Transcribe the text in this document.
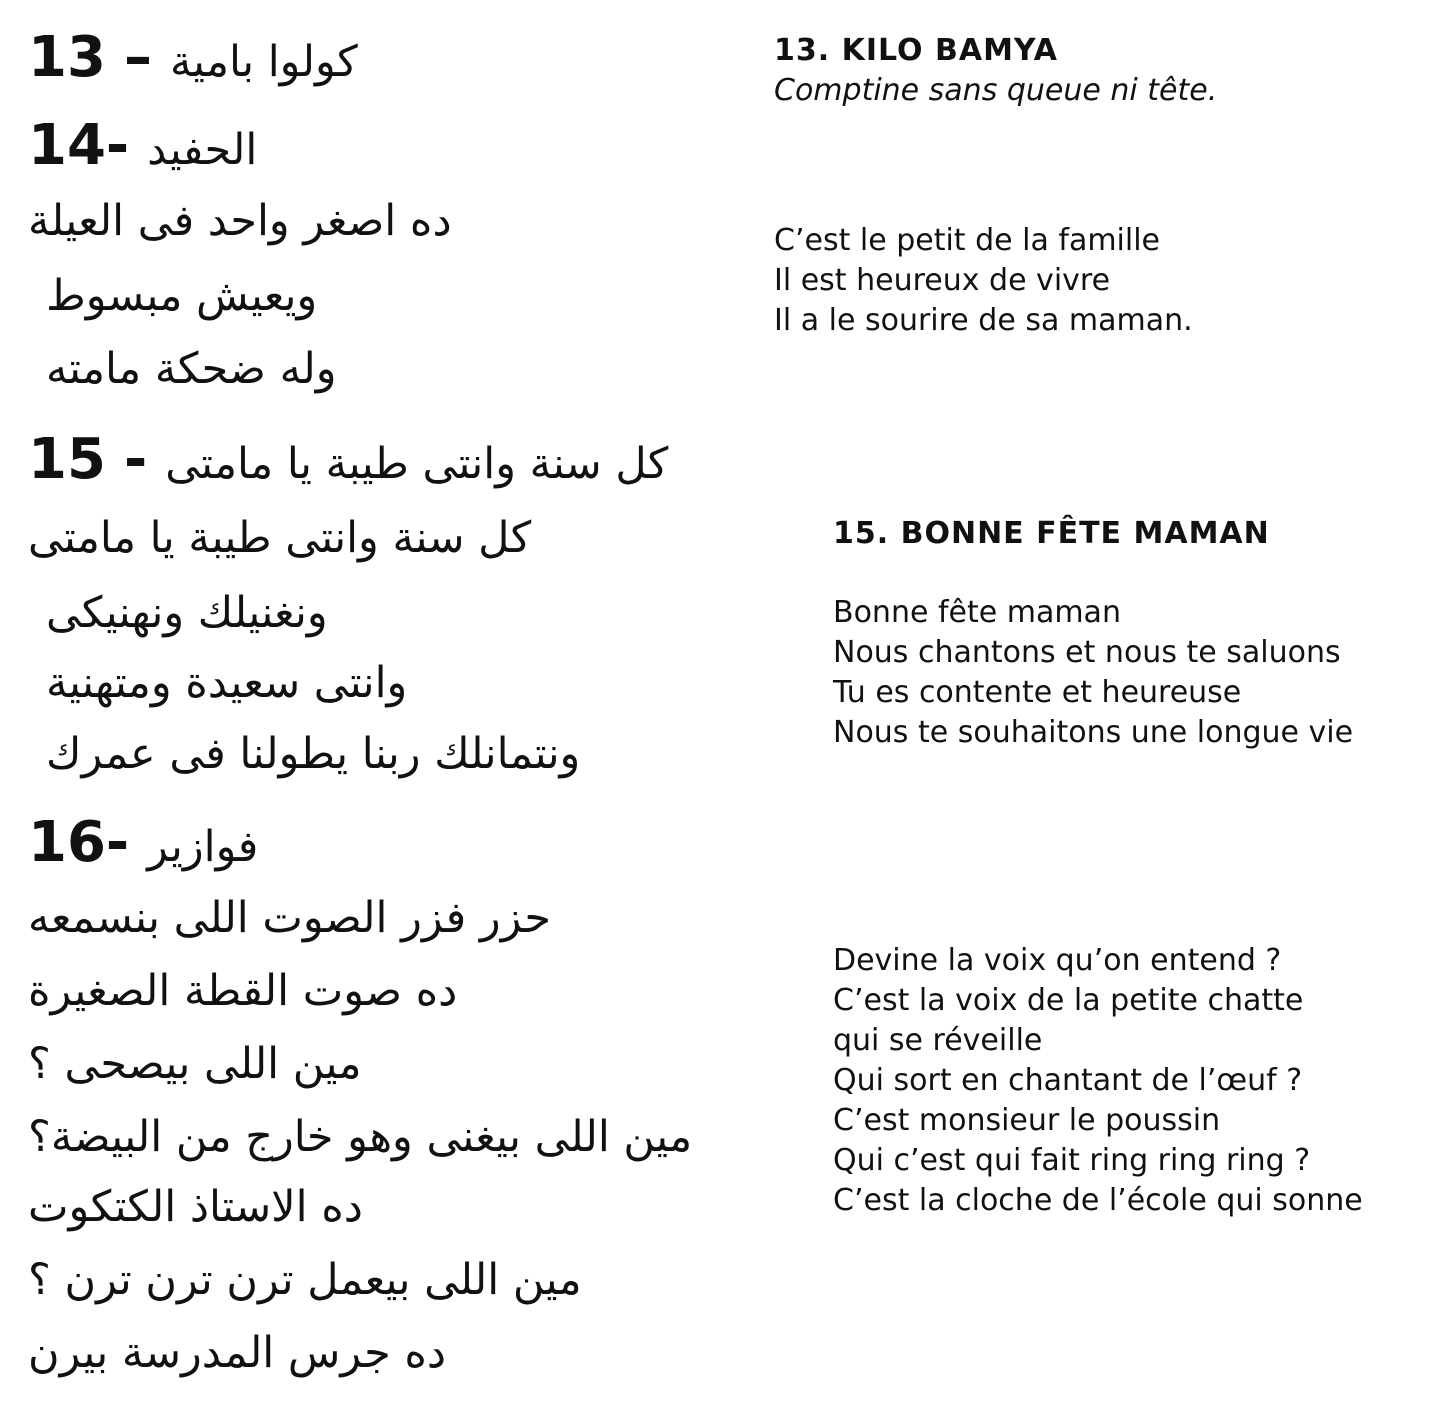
13 – كولوا بامية
14- الحفيد
ده اصغر واحد فى العيلة
ويعيش مبسوط
وله ضحكة مامته
15 - كل سنة وانتى طيبة يا مامتى
كل سنة وانتى طيبة يا مامتى
ونغنيلك ونهنيكى
وانتى سعيدة ومتهنية
ونتمانلك ربنا يطولنا فى عمرك
16- فوازير
حزر فزر الصوت اللى بنسمعه
ده صوت القطة الصغيرة
مين اللى بيصحى ؟
مين اللى بيغنى وهو خارج من البيضة؟
ده الاستاذ الكتكوت
مين اللى بيعمل ترن ترن ترن ؟
ده جرس المدرسة بيرن
13. KILO BAMYA
Comptine sans queue ni tête.
C’est le petit de la famille
Il est heureux de vivre
Il a le sourire de sa maman.
15. BONNE FÊTE MAMAN
Bonne fête maman
Nous chantons et nous te saluons
Tu es contente et heureuse
Nous te souhaitons une longue vie
Devine la voix qu’on entend ?
C’est la voix de la petite chatte
qui se réveille
Qui sort en chantant de l’œuf ?
C’est monsieur le poussin
Qui c’est qui fait ring ring ring ?
C’est la cloche de l’école qui sonne
